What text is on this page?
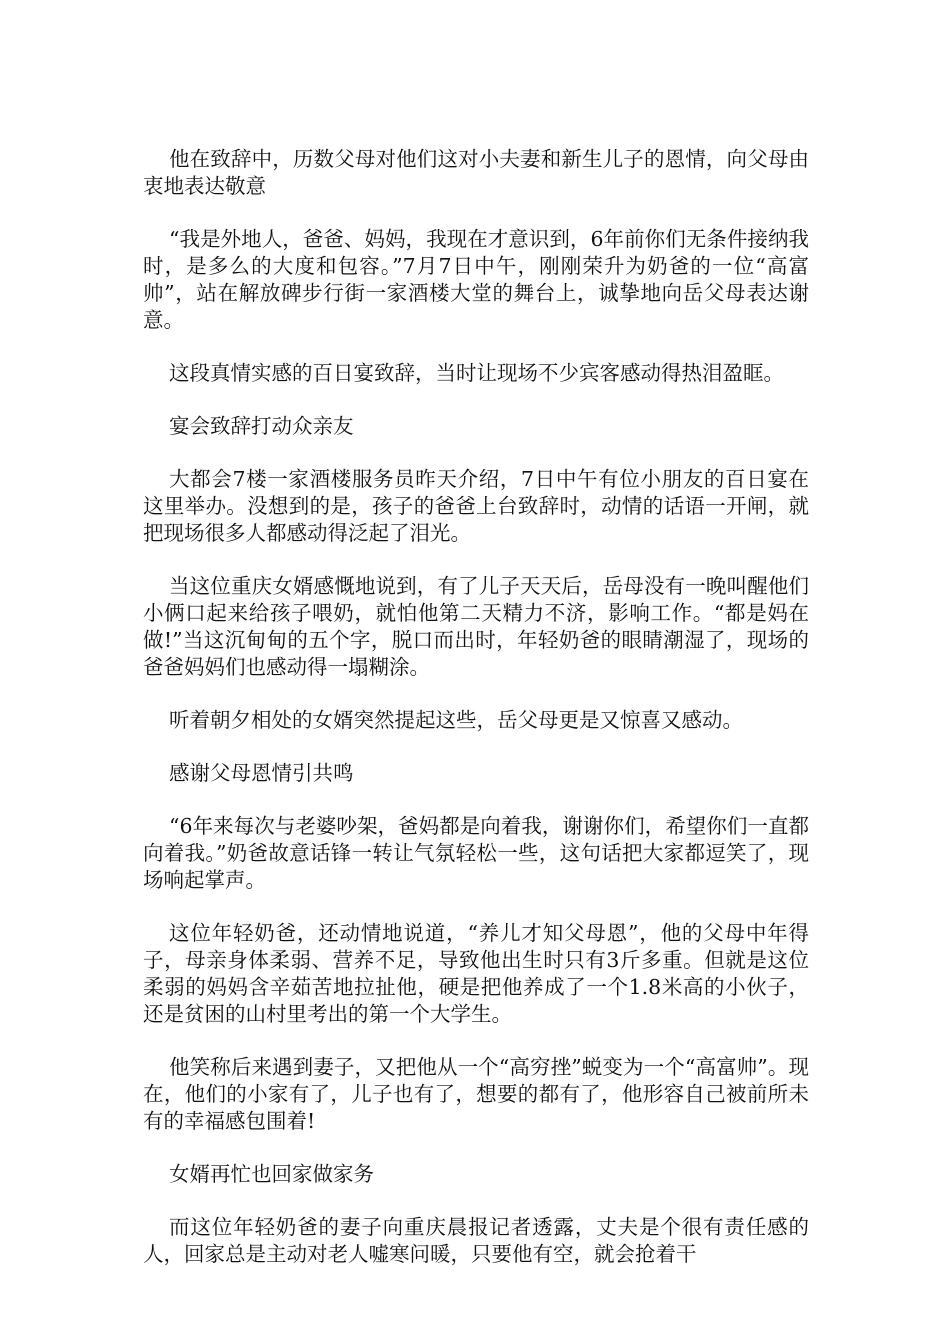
他在致辞中，历数父母对他们这对小夫妻和新生儿子的恩情，向父母由衷地表达敬意

“我是外地人，爸爸、妈妈，我现在才意识到，6年前你们无条件接纳我时，是多么的大度和包容。”7月7日中午，刚刚荣升为奶爸的一位“高富帅”，站在解放碑步行街一家酒楼大堂的舞台上，诚挚地向岳父母表达谢意。

这段真情实感的百日宴致辞，当时让现场不少宾客感动得热泪盈眶。

宴会致辞打动众亲友

大都会7楼一家酒楼服务员昨天介绍，7日中午有位小朋友的百日宴在这里举办。没想到的是，孩子的爸爸上台致辞时，动情的话语一开闸，就把现场很多人都感动得泛起了泪光。

当这位重庆女婿感慨地说到，有了儿子天天后，岳母没有一晚叫醒他们小俩口起来给孩子喂奶，就怕他第二天精力不济，影响工作。“都是妈在做!”当这沉甸甸的五个字，脱口而出时，年轻奶爸的眼睛潮湿了，现场的爸爸妈妈们也感动得一塌糊涂。

听着朝夕相处的女婿突然提起这些，岳父母更是又惊喜又感动。

感谢父母恩情引共鸣

“6年来每次与老婆吵架，爸妈都是向着我，谢谢你们，希望你们一直都向着我。”奶爸故意话锋一转让气氛轻松一些，这句话把大家都逗笑了，现场响起掌声。

这位年轻奶爸，还动情地说道，“养儿才知父母恩”，他的父母中年得子，母亲身体柔弱、营养不足，导致他出生时只有3斤多重。但就是这位柔弱的妈妈含辛茹苦地拉扯他，硬是把他养成了一个1.8米高的小伙子，还是贫困的山村里考出的第一个大学生。

他笑称后来遇到妻子，又把他从一个“高穷挫”蜕变为一个“高富帅”。现在，他们的小家有了，儿子也有了，想要的都有了，他形容自己被前所未有的幸福感包围着!

女婿再忙也回家做家务

而这位年轻奶爸的妻子向重庆晨报记者透露，丈夫是个很有责任感的人，回家总是主动对老人嘘寒问暖，只要他有空，就会抢着干
